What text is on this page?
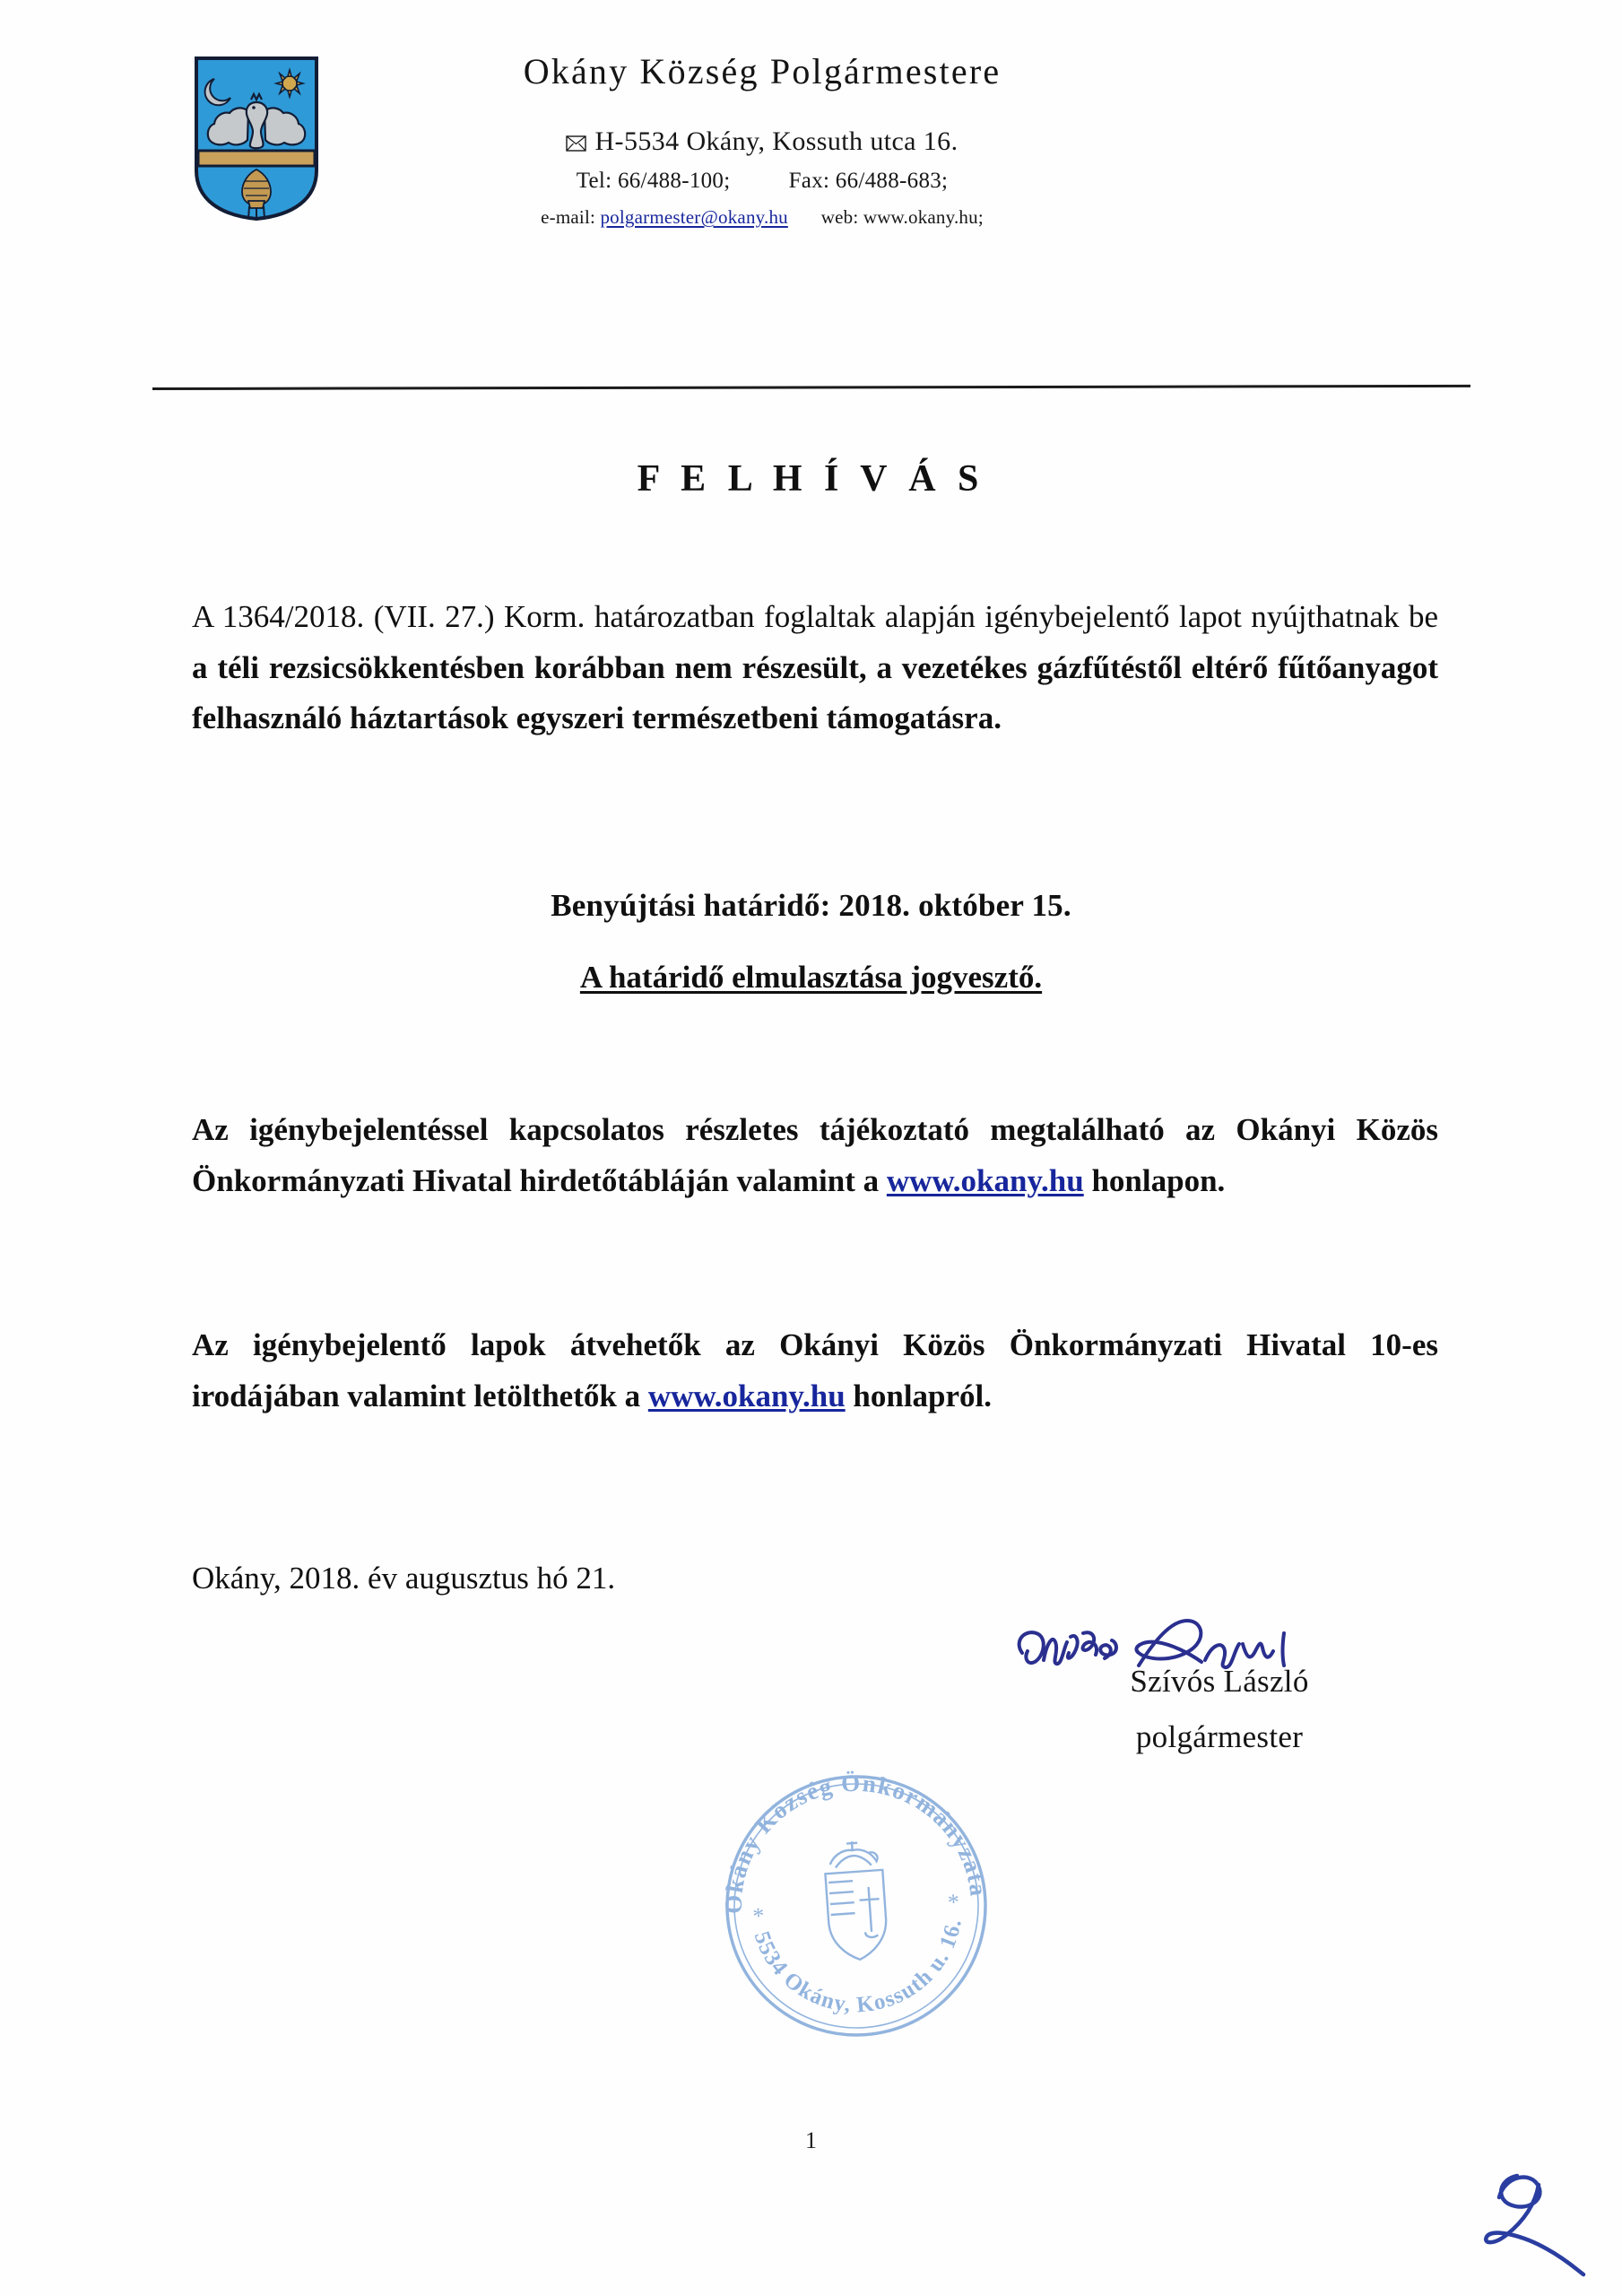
Okány Község Polgármestere
H-5534 Okány, Kossuth utca 16.
Tel: 66/488-100;	Fax: 66/488-683;
e-mail: polgarmester@okany.hu web: www.okany.hu;
F E L H Í V Á S

A 1364/2018. (VII. 27.) Korm. határozatban foglaltak alapján igénybejelentő lapot nyújthatnak be a téli rezsicsökkentésben korábban nem részesült, a vezetékes gázfűtéstől eltérő fűtőanyagot felhasználó háztartások egyszeri természetbeni támogatásra.

Benyújtási határidő: 2018. október 15.
A határidő elmulasztása jogvesztő.

Az igénybejelentéssel kapcsolatos részletes tájékoztató megtalálható az Okányi Közös Önkormányzati Hivatal hirdetőtábláján valamint a www.okany.hu honlapon.

Az igénybejelentő lapok átvehetők az Okányi Közös Önkormányzati Hivatal 10-es irodájában valamint letölthetők a www.okany.hu honlapról.

Okány, 2018. év augusztus hó 21.
Szívós László
polgármester
Okány Község Önkormányzata
5534 Okány, Kossuth u. 16.
*
*
1
